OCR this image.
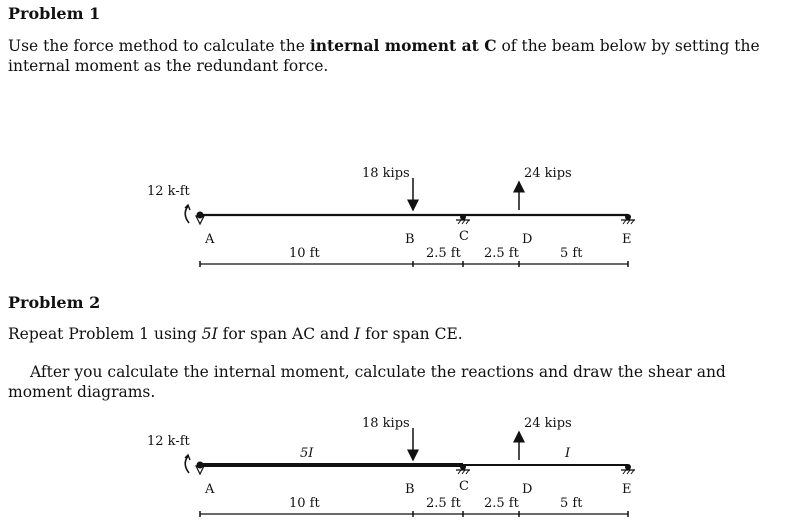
Problem 1
Use the force method to calculate the internal moment at C of the beam below by setting the internal moment as the redundant force.
12 k-ft
18 kips	24 kips
A	B	C	D	E
10 ft	2.5 ft 2.5 ft	5 ft
Problem 2
Repeat Problem 1 using 5I for span AC and I for span CE.
After you calculate the internal moment, calculate the reactions and draw the shear and moment diagrams.
12 k-ft
5I	I
18 kips	24 kips
A	B	C	D	E
10 ft	2.5 ft 2.5 ft	5 ft
